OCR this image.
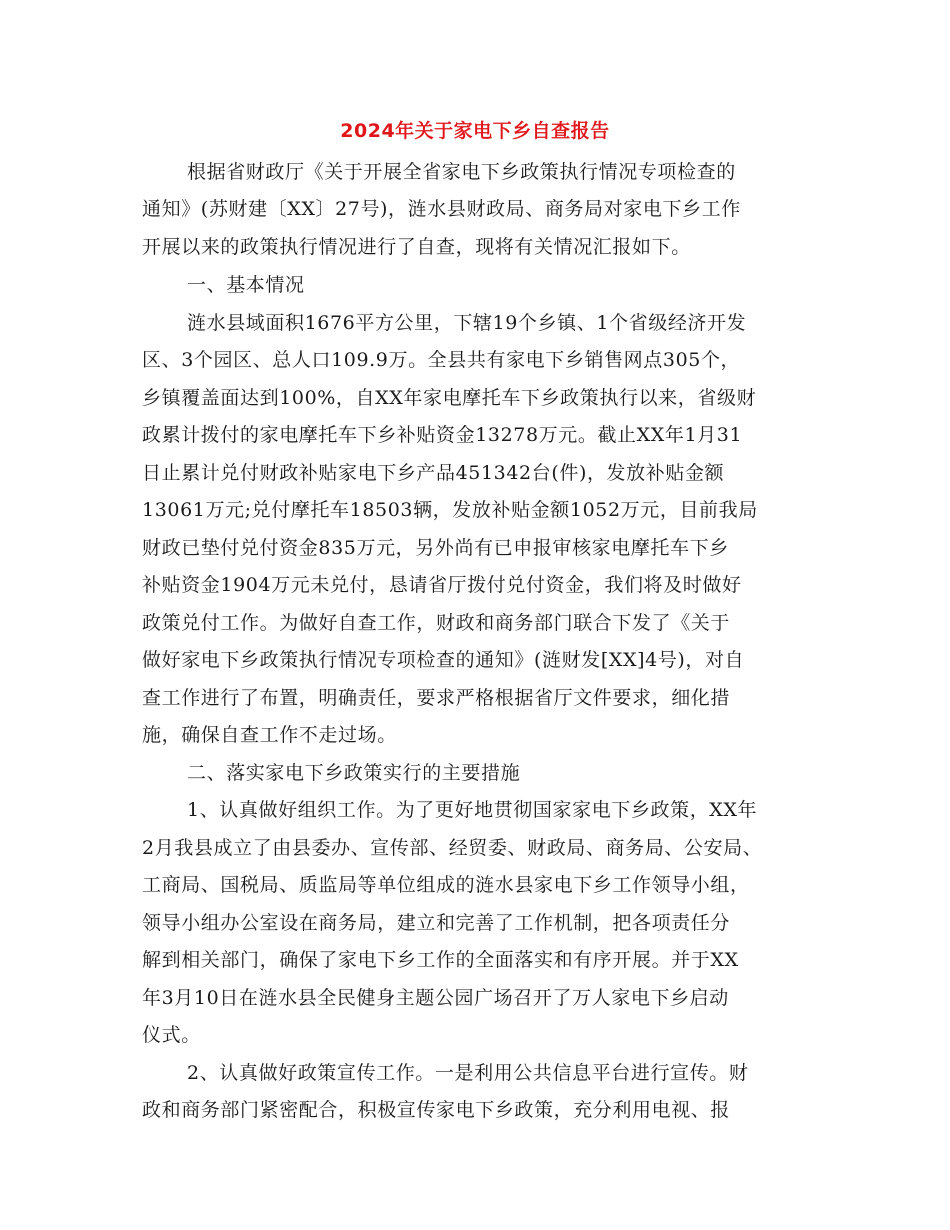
2024年关于家电下乡自查报告
根据省财政厅《关于开展全省家电下乡政策执行情况专项检查的
通知》(苏财建〔XX〕27号)，涟水县财政局、商务局对家电下乡工作
开展以来的政策执行情况进行了自查，现将有关情况汇报如下。
一、基本情况
涟水县域面积1676平方公里，下辖19个乡镇、1个省级经济开发
区、3个园区、总人口109.9万。全县共有家电下乡销售网点305个，
乡镇覆盖面达到100%，自XX年家电摩托车下乡政策执行以来，省级财
政累计拨付的家电摩托车下乡补贴资金13278万元。截止XX年1月31
日止累计兑付财政补贴家电下乡产品451342台(件)，发放补贴金额
13061万元;兑付摩托车18503辆，发放补贴金额1052万元，目前我局
财政已垫付兑付资金835万元，另外尚有已申报审核家电摩托车下乡
补贴资金1904万元未兑付，恳请省厅拨付兑付资金，我们将及时做好
政策兑付工作。为做好自查工作，财政和商务部门联合下发了《关于
做好家电下乡政策执行情况专项检查的通知》(涟财发[XX]4号)，对自
查工作进行了布置，明确责任，要求严格根据省厅文件要求，细化措
施，确保自查工作不走过场。
二、落实家电下乡政策实行的主要措施
1、认真做好组织工作。为了更好地贯彻国家家电下乡政策，XX年
2月我县成立了由县委办、宣传部、经贸委、财政局、商务局、公安局、
工商局、国税局、质监局等单位组成的涟水县家电下乡工作领导小组，
领导小组办公室设在商务局，建立和完善了工作机制，把各项责任分
解到相关部门，确保了家电下乡工作的全面落实和有序开展。并于XX
年3月10日在涟水县全民健身主题公园广场召开了万人家电下乡启动
仪式。
2、认真做好政策宣传工作。一是利用公共信息平台进行宣传。财
政和商务部门紧密配合，积极宣传家电下乡政策，充分利用电视、报
